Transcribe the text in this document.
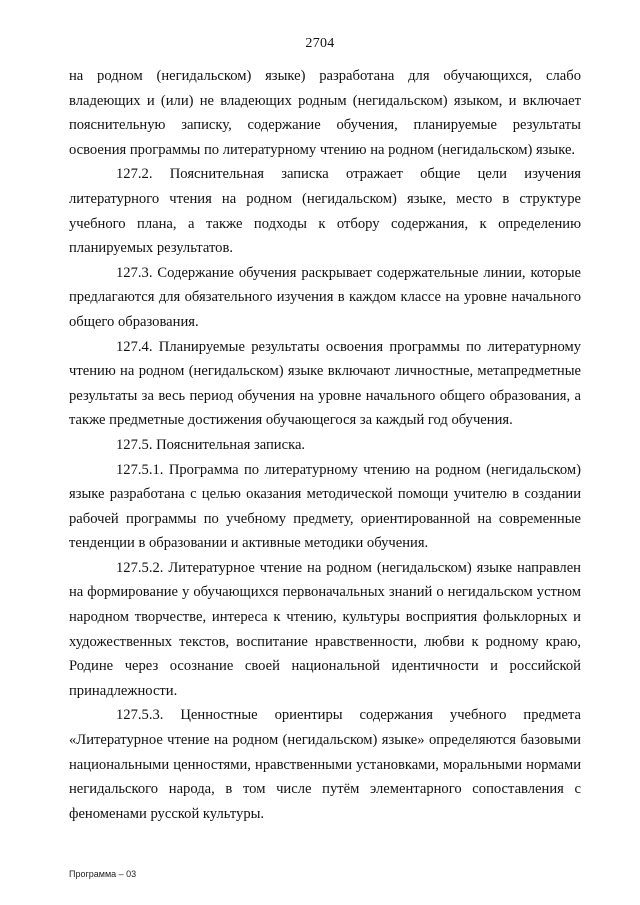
2704

на родном (негидальском) языке) разработана для обучающихся, слабо владеющих и (или) не владеющих родным (негидальском) языком, и включает пояснительную записку, содержание обучения, планируемые результаты освоения программы по литературному чтению на родном (негидальском) языке.

127.2. Пояснительная записка отражает общие цели изучения литературного чтения на родном (негидальском) языке, место в структуре учебного плана, а также подходы к отбору содержания, к определению планируемых результатов.

127.3. Содержание обучения раскрывает содержательные линии, которые предлагаются для обязательного изучения в каждом классе на уровне начального общего образования.

127.4. Планируемые результаты освоения программы по литературному чтению на родном (негидальском) языке включают личностные, метапредметные результаты за весь период обучения на уровне начального общего образования, а также предметные достижения обучающегося за каждый год обучения.

127.5. Пояснительная записка.

127.5.1. Программа по литературному чтению на родном (негидальском) языке разработана с целью оказания методической помощи учителю в создании рабочей программы по учебному предмету, ориентированной на современные тенденции в образовании и активные методики обучения.

127.5.2. Литературное чтение на родном (негидальском) языке направлен на формирование у обучающихся первоначальных знаний о негидальском устном народном творчестве, интереса к чтению, культуры восприятия фольклорных и художественных текстов, воспитание нравственности, любви к родному краю, Родине через осознание своей национальной идентичности и российской принадлежности.

127.5.3. Ценностные ориентиры содержания учебного предмета «Литературное чтение на родном (негидальском) языке» определяются базовыми национальными ценностями, нравственными установками, моральными нормами негидальского народа, в том числе путём элементарного сопоставления с феноменами русской культуры.

Программа – 03
